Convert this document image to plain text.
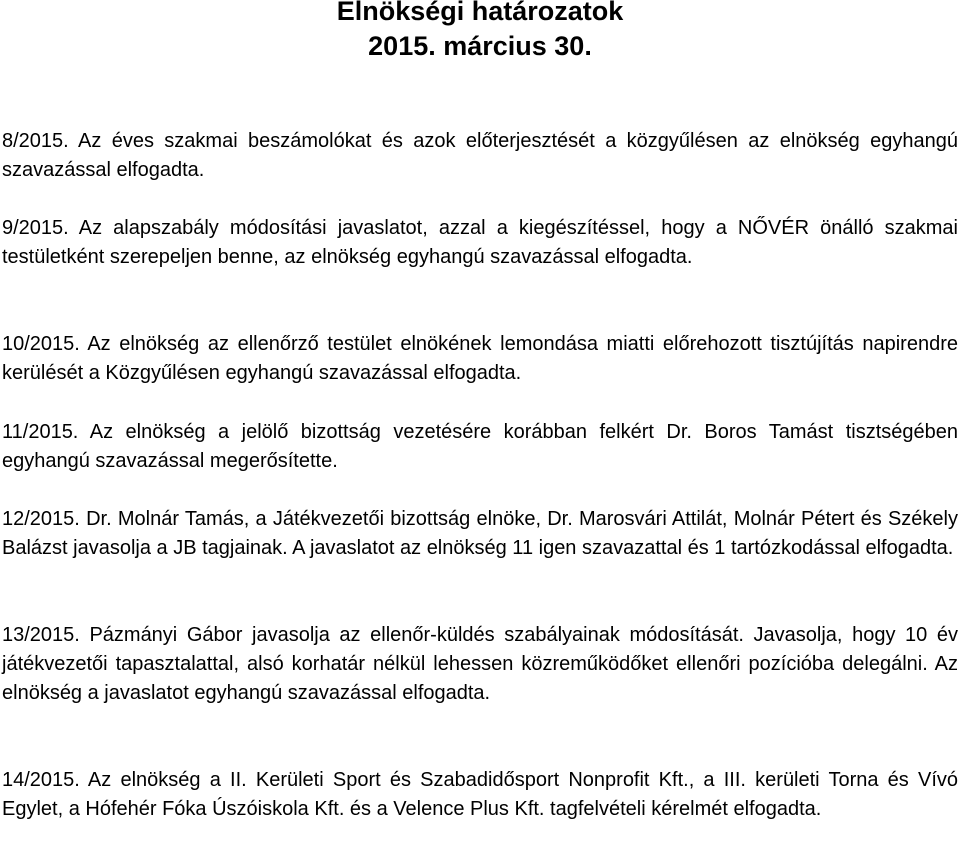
Elnökségi határozatok

2015. március 30.

8/2015. Az éves szakmai beszámolókat és azok előterjesztését a közgyűlésen az elnökség egyhangú szavazással elfogadta.

9/2015. Az alapszabály módosítási javaslatot, azzal a kiegészítéssel, hogy a NŐVÉR önálló szakmai testületként szerepeljen benne, az elnökség egyhangú szavazással elfogadta.

10/2015. Az elnökség az ellenőrző testület elnökének lemondása miatti előrehozott tisztújítás napirendre kerülését a Közgyűlésen egyhangú szavazással elfogadta.

11/2015. Az elnökség a jelölő bizottság vezetésére korábban felkért Dr. Boros Tamást tisztségében egyhangú szavazással megerősítette.

12/2015. Dr. Molnár Tamás, a Játékvezetői bizottság elnöke, Dr. Marosvári Attilát, Molnár Pétert és Székely Balázst javasolja a JB tagjainak. A javaslatot az elnökség 11 igen szavazattal és 1 tartózkodással elfogadta.

13/2015. Pázmányi Gábor javasolja az ellenőr-küldés szabályainak módosítását. Javasolja, hogy 10 év játékvezetői tapasztalattal, alsó korhatár nélkül lehessen közreműködőket ellenőri pozícióba delegálni. Az elnökség a javaslatot egyhangú szavazással elfogadta.

14/2015. Az elnökség a II. Kerületi Sport és Szabadidősport Nonprofit Kft., a III. kerületi Torna és Vívó Egylet, a Hófehér Fóka Úszóiskola Kft. és a Velence Plus Kft. tagfelvételi kérelmét elfogadta.
